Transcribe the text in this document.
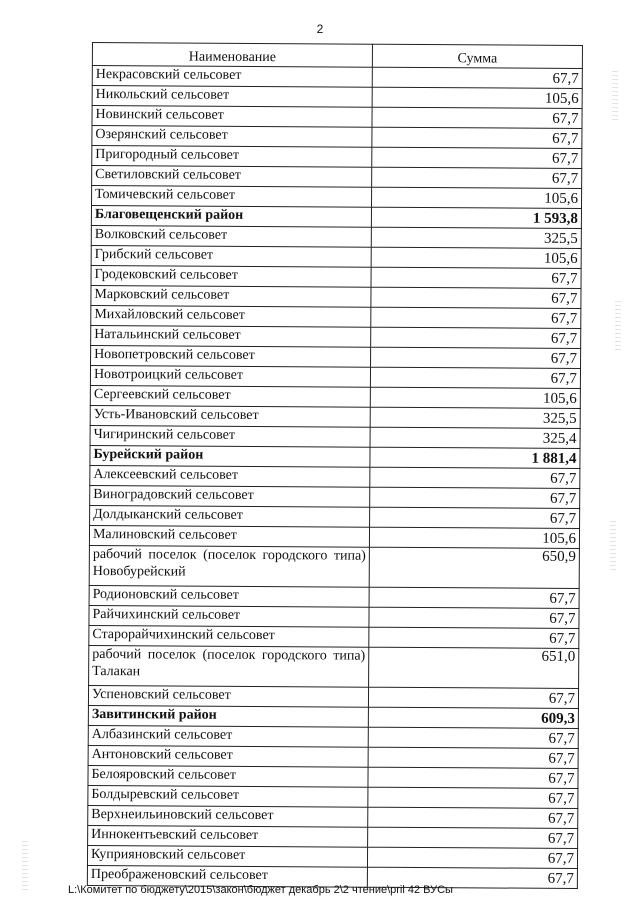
2
Наименование	Сумма
Некрасовский сельсовет	67,7
Никольский сельсовет	105,6
Новинский сельсовет	67,7
Озерянский сельсовет	67,7
Пригородный сельсовет	67,7
Светиловский сельсовет	67,7
Томичевский сельсовет	105,6
Благовещенский район	1 593,8
Волковский сельсовет	325,5
Грибский сельсовет	105,6
Гродековский сельсовет	67,7
Марковский сельсовет	67,7
Михайловский сельсовет	67,7
Натальинский сельсовет	67,7
Новопетровский сельсовет	67,7
Новотроицкий сельсовет	67,7
Сергеевский сельсовет	105,6
Усть-Ивановский сельсовет	325,5
Чигиринский сельсовет	325,4
Бурейский район	1 881,4
Алексеевский сельсовет	67,7
Виноградовский сельсовет	67,7
Долдыканский сельсовет	67,7
Малиновский сельсовет	105,6
рабочий поселок (поселок городского типа) Новобурейский	650,9
Родионовский сельсовет	67,7
Райчихинский сельсовет	67,7
Старорайчихинский сельсовет	67,7
рабочий поселок (поселок городского типа) Талакан	651,0
Успеновский сельсовет	67,7
Завитинский район	609,3
Албазинский сельсовет	67,7
Антоновский сельсовет	67,7
Белояровский сельсовет	67,7
Болдыревский сельсовет	67,7
Верхнеильиновский сельсовет	67,7
Иннокентьевский сельсовет	67,7
Куприяновский сельсовет	67,7
Преображеновский сельсовет	67,7
L:\Комитет по бюджету\2015\закон\бюджет декабрь 2\2 чтение\pril 42 ВУСы
